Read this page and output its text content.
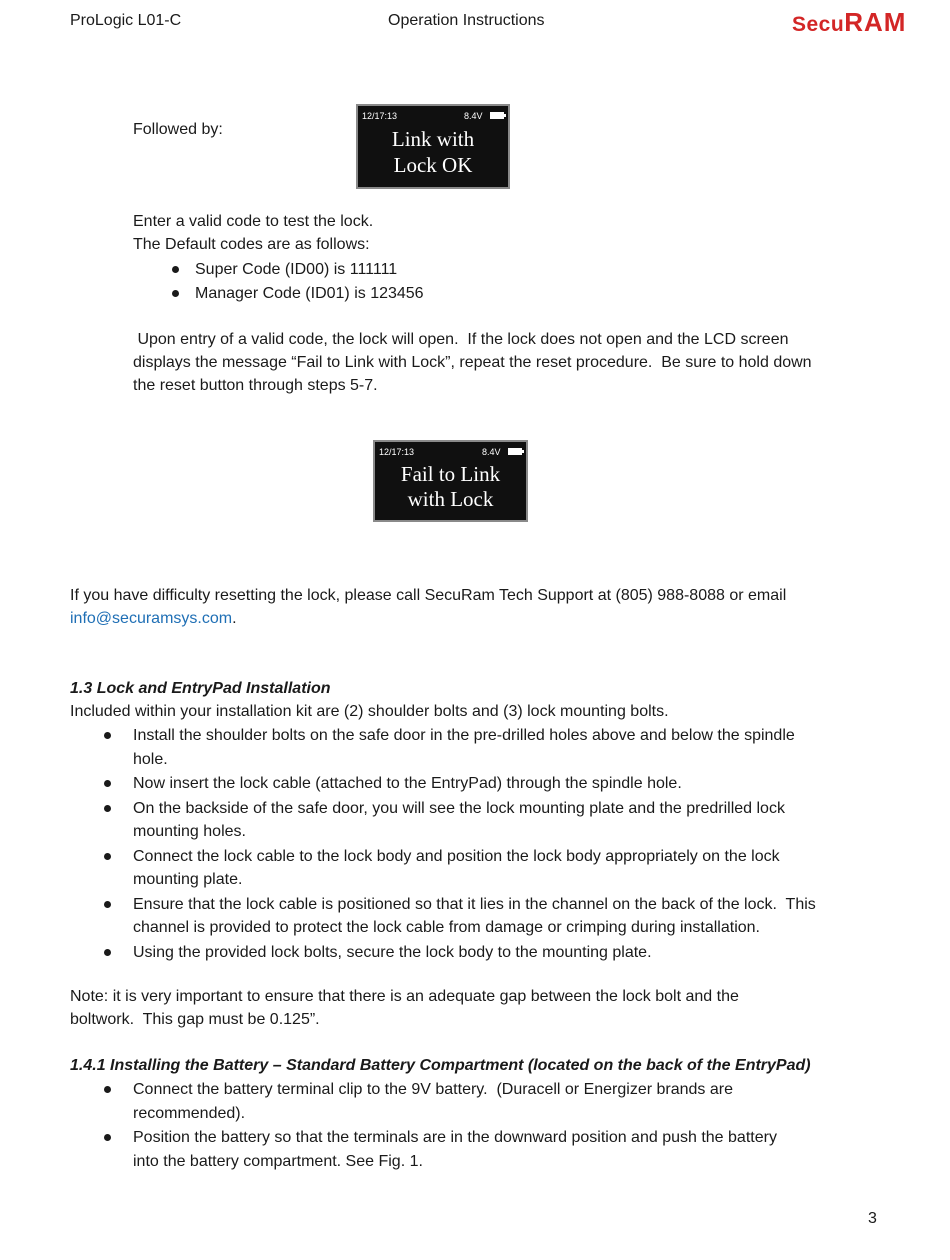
ProLogic L01-C	Operation Instructions	SecuRAM
Followed by:
12/17:13	8.4V
Link with
Lock OK
Enter a valid code to test the lock.
The Default codes are as follows:
Super Code (ID00) is 111111
Manager Code (ID01) is 123456
Upon entry of a valid code, the lock will open.  If the lock does not open and the LCD screen
displays the message “Fail to Link with Lock”, repeat the reset procedure.  Be sure to hold down
the reset button through steps 5-7.
12/17:13	8.4V
Fail to Link
with Lock
If you have difficulty resetting the lock, please call SecuRam Tech Support at (805) 988-8088 or email
info@securamsys.com.
1.3 Lock and EntryPad Installation
Included within your installation kit are (2) shoulder bolts and (3) lock mounting bolts.
Install the shoulder bolts on the safe door in the pre-drilled holes above and below the spindle
hole.
Now insert the lock cable (attached to the EntryPad) through the spindle hole.
On the backside of the safe door, you will see the lock mounting plate and the predrilled lock
mounting holes.
Connect the lock cable to the lock body and position the lock body appropriately on the lock
mounting plate.
Ensure that the lock cable is positioned so that it lies in the channel on the back of the lock.  This
channel is provided to protect the lock cable from damage or crimping during installation.
Using the provided lock bolts, secure the lock body to the mounting plate.
Note: it is very important to ensure that there is an adequate gap between the lock bolt and the
boltwork.  This gap must be 0.125”.
1.4.1 Installing the Battery – Standard Battery Compartment (located on the back of the EntryPad)
Connect the battery terminal clip to the 9V battery.  (Duracell or Energizer brands are
recommended).
Position the battery so that the terminals are in the downward position and push the battery
into the battery compartment. See Fig. 1.
3
